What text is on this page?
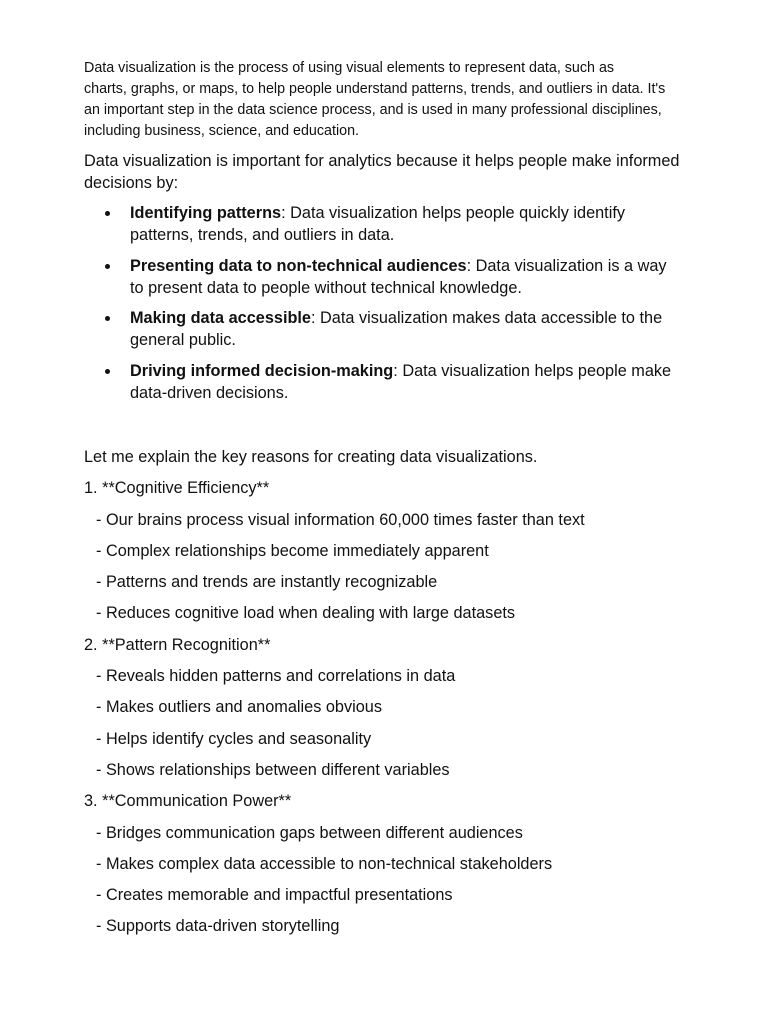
Data visualization is the process of using visual elements to represent data, such as
charts, graphs, or maps, to help people understand patterns, trends, and outliers in data. It's an important step in the data science process, and is used in many professional disciplines, including business, science, and education.

Data visualization is important for analytics because it helps people make informed decisions by:

Identifying patterns: Data visualization helps people quickly identify patterns, trends, and outliers in data.
Presenting data to non-technical audiences: Data visualization is a way to present data to people without technical knowledge.
Making data accessible: Data visualization makes data accessible to the general public.
Driving informed decision-making: Data visualization helps people make data-driven decisions.
Let me explain the key reasons for creating data visualizations.
1. **Cognitive Efficiency**
- Our brains process visual information 60,000 times faster than text
- Complex relationships become immediately apparent
- Patterns and trends are instantly recognizable
- Reduces cognitive load when dealing with large datasets
2. **Pattern Recognition**
- Reveals hidden patterns and correlations in data
- Makes outliers and anomalies obvious
- Helps identify cycles and seasonality
- Shows relationships between different variables
3. **Communication Power**
- Bridges communication gaps between different audiences
- Makes complex data accessible to non-technical stakeholders
- Creates memorable and impactful presentations
- Supports data-driven storytelling
